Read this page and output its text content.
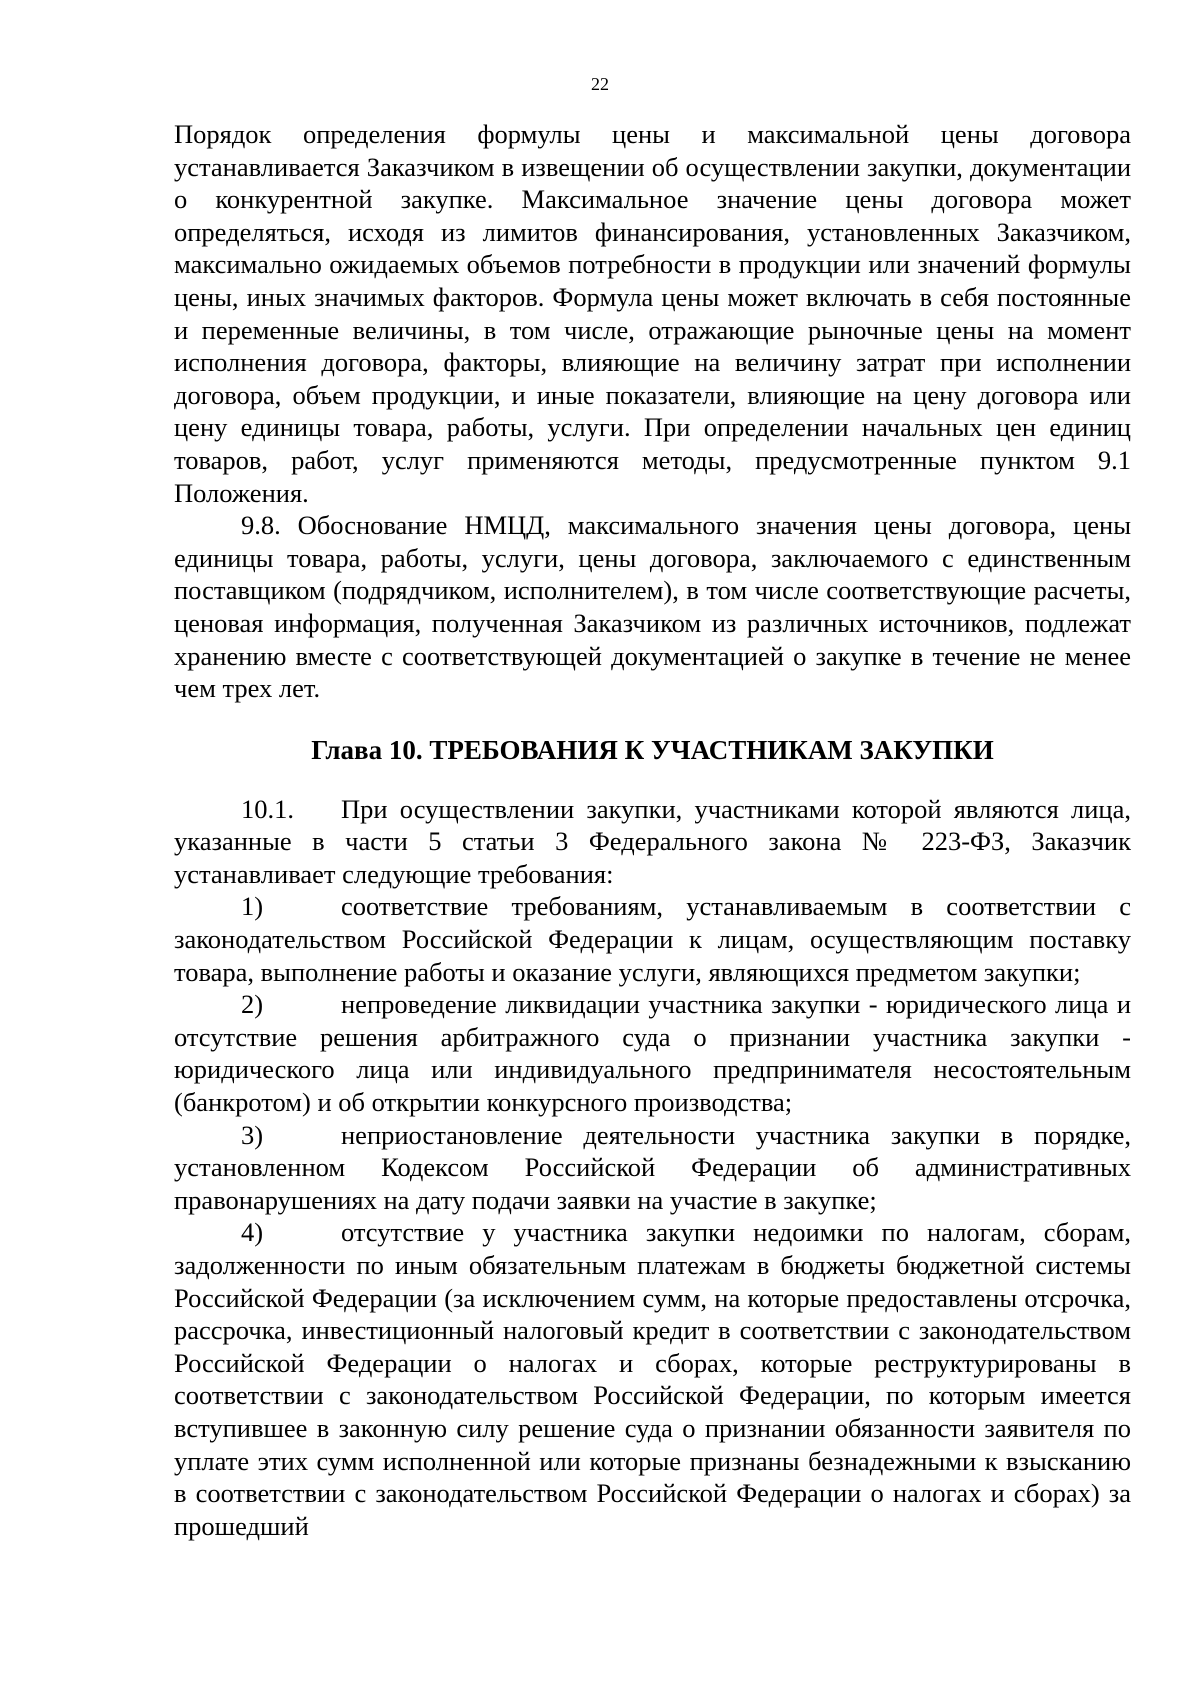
22

Порядок определения формулы цены и максимальной цены договора устанавливается Заказчиком в извещении об осуществлении закупки, документации о конкурентной закупке. Максимальное значение цены договора может определяться, исходя из лимитов финансирования, установленных Заказчиком, максимально ожидаемых объемов потребности в продукции или значений формулы цены, иных значимых факторов. Формула цены может включать в себя постоянные и переменные величины, в том числе, отражающие рыночные цены на момент исполнения договора, факторы, влияющие на величину затрат при исполнении договора, объем продукции, и иные показатели, влияющие на цену договора или цену единицы товара, работы, услуги. При определении начальных цен единиц товаров, работ, услуг применяются методы, предусмотренные пунктом 9.1 Положения.

9.8. Обоснование НМЦД, максимального значения цены договора, цены единицы товара, работы, услуги, цены договора, заключаемого с единственным поставщиком (подрядчиком, исполнителем), в том числе соответствующие расчеты, ценовая информация, полученная Заказчиком из различных источников, подлежат хранению вместе с соответствующей документацией о закупке в течение не менее чем трех лет.

Глава 10. ТРЕБОВАНИЯ К УЧАСТНИКАМ ЗАКУПКИ

10.1. При осуществлении закупки, участниками которой являются лица, указанные в части 5 статьи 3 Федерального закона № 223-ФЗ, Заказчик устанавливает следующие требования:

1)	соответствие требованиям, устанавливаемым в соответствии с законодательством Российской Федерации к лицам, осуществляющим поставку товара, выполнение работы и оказание услуги, являющихся предметом закупки;

2)	непроведение ликвидации участника закупки - юридического лица и отсутствие решения арбитражного суда о признании участника закупки - юридического лица или индивидуального предпринимателя несостоятельным (банкротом) и об открытии конкурсного производства;

3)	неприостановление деятельности участника закупки в порядке, установленном Кодексом Российской Федерации об административных правонарушениях на дату подачи заявки на участие в закупке;

4)	отсутствие у участника закупки недоимки по налогам, сборам, задолженности по иным обязательным платежам в бюджеты бюджетной системы Российской Федерации (за исключением сумм, на которые предоставлены отсрочка, рассрочка, инвестиционный налоговый кредит в соответствии с законодательством Российской Федерации о налогах и сборах, которые реструктурированы в соответствии с законодательством Российской Федерации, по которым имеется вступившее в законную силу решение суда о признании обязанности заявителя по уплате этих сумм исполненной или которые признаны безнадежными к взысканию в соответствии с законодательством Российской Федерации о налогах и сборах) за прошедший
